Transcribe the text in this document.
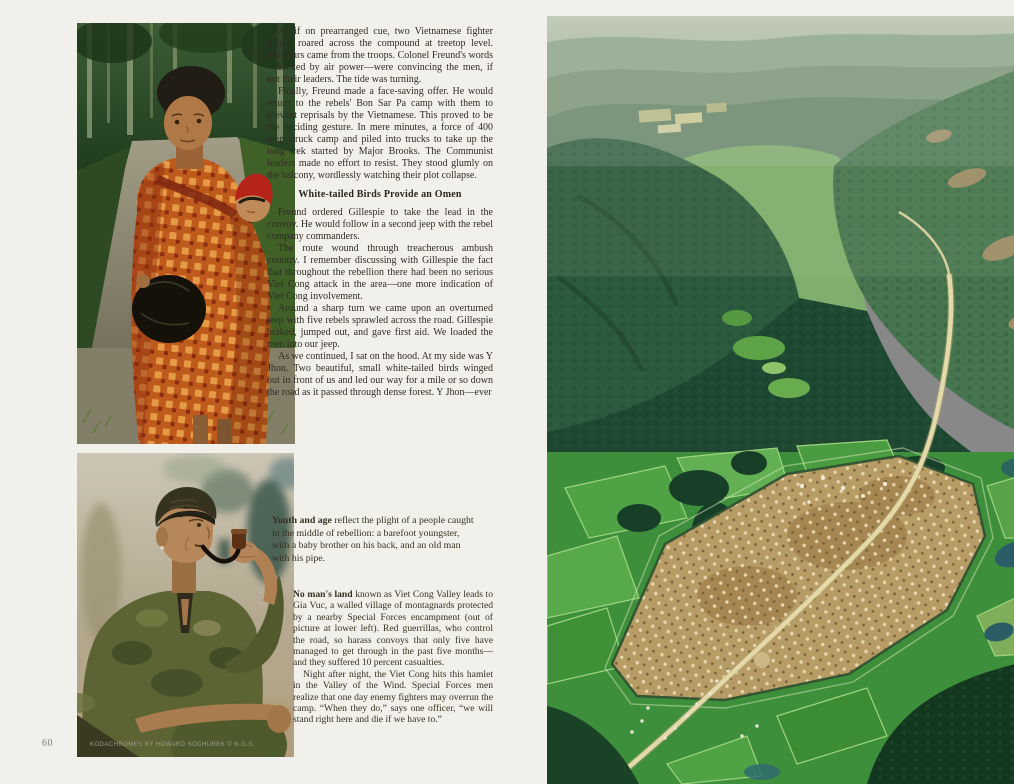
As if on prearranged cue, two Vietnamese fighter planes roared across the compound at treetop level. Murmurs came from the troops. Colonel Freund's words—backed by air power—were convincing the men, if not their leaders. The tide was turning.

Finally, Freund made a face-saving offer. He would return to the rebels' Bon Sar Pa camp with them to prevent reprisals by the Vietnamese. This proved to be the deciding gesture. In mere minutes, a force of 400 men struck camp and piled into trucks to take up the long trek started by Major Brooks. The Communist leaders made no effort to resist. They stood glumly on the balcony, wordlessly watching their plot collapse.

White-tailed Birds Provide an Omen

Freund ordered Gillespie to take the lead in the convoy. He would follow in a second jeep with the rebel company commanders.

The route wound through treacherous ambush country. I remember discussing with Gillespie the fact that throughout the rebellion there had been no serious Viet Cong attack in the area—one more indication of Viet Cong involvement.

Around a sharp turn we came upon an overturned jeep with five rebels sprawled across the road. Gillespie braked, jumped out, and gave first aid. We loaded the men into our jeep.

As we continued, I sat on the hood. At my side was Y Jhon. Two beautiful, small white-tailed birds winged out in front of us and led our way for a mile or so down the road as it passed through dense forest. Y Jhon—ever

Youth and age reflect the plight of a people caught in the middle of rebellion: a barefoot youngster, with a baby brother on his back, and an old man with his pipe.

No man's land known as Viet Cong Valley leads to Gia Vuc, a walled village of montagnards protected by a nearby Special Forces encampment (out of picture at lower left). Red guerrillas, who control the road, so harass convoys that only five have managed to get through in the past five months—and they suffered 10 percent casualties.

Night after night, the Viet Cong hits this hamlet in the Valley of the Wind. Special Forces men realize that one day enemy fighters may overrun the camp. “When they do,” says one officer, “we will stand right here and die if we have to.”

60	KODACHROMES BY HOWARD SOCHUREK © N.G.S.
